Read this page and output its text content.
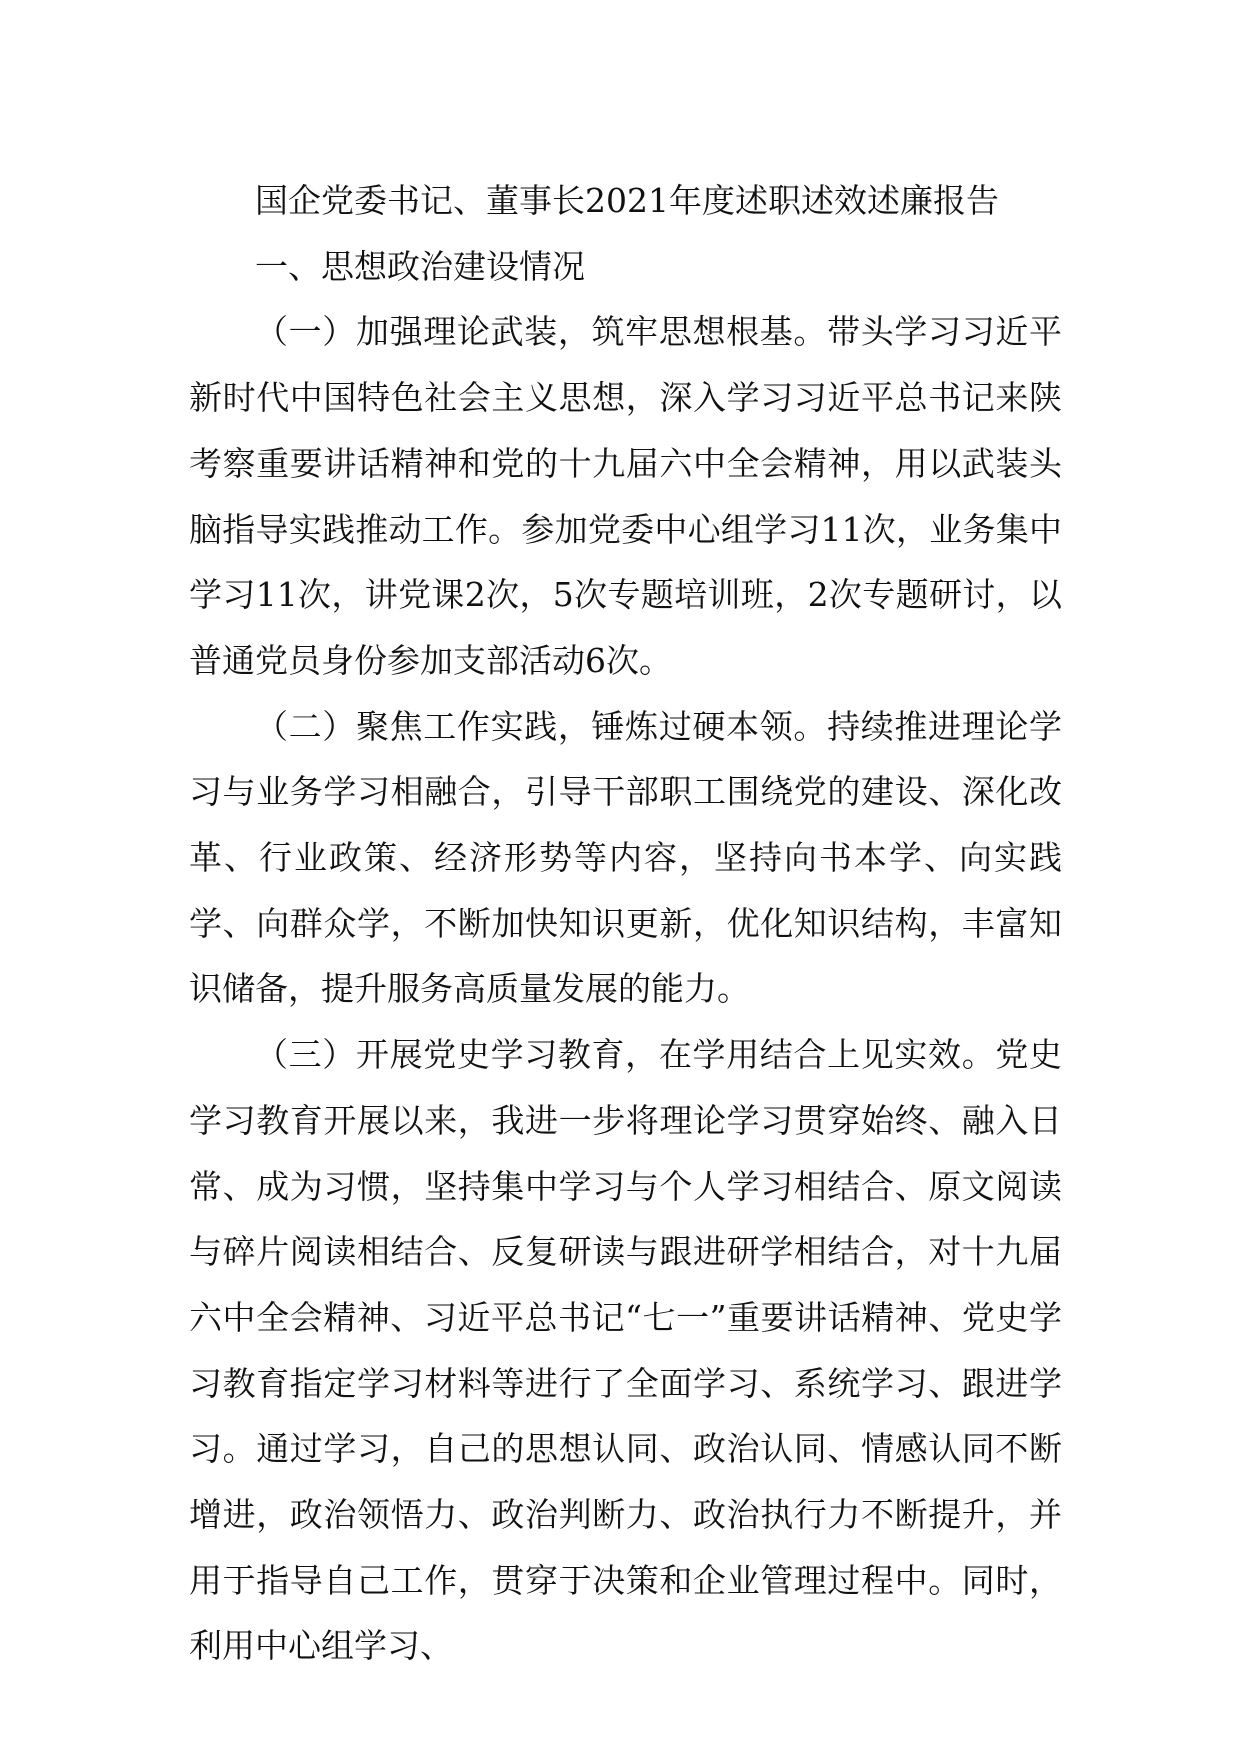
国企党委书记、董事长2021年度述职述效述廉报告

一、思想政治建设情况

（一）加强理论武装，筑牢思想根基。带头学习习近平新时代中国特色社会主义思想，深入学习习近平总书记来陕考察重要讲话精神和党的十九届六中全会精神，用以武装头脑指导实践推动工作。参加党委中心组学习11次，业务集中学习11次，讲党课2次，5次专题培训班，2次专题研讨，以普通党员身份参加支部活动6次。

（二）聚焦工作实践，锤炼过硬本领。持续推进理论学习与业务学习相融合，引导干部职工围绕党的建设、深化改革、行业政策、经济形势等内容，坚持向书本学、向实践学、向群众学，不断加快知识更新，优化知识结构，丰富知识储备，提升服务高质量发展的能力。

（三）开展党史学习教育，在学用结合上见实效。党史学习教育开展以来，我进一步将理论学习贯穿始终、融入日常、成为习惯，坚持集中学习与个人学习相结合、原文阅读与碎片阅读相结合、反复研读与跟进研学相结合，对十九届六中全会精神、习近平总书记“七一”重要讲话精神、党史学习教育指定学习材料等进行了全面学习、系统学习、跟进学习。通过学习，自己的思想认同、政治认同、情感认同不断增进，政治领悟力、政治判断力、政治执行力不断提升，并用于指导自己工作，贯穿于决策和企业管理过程中。同时，利用中心组学习、
